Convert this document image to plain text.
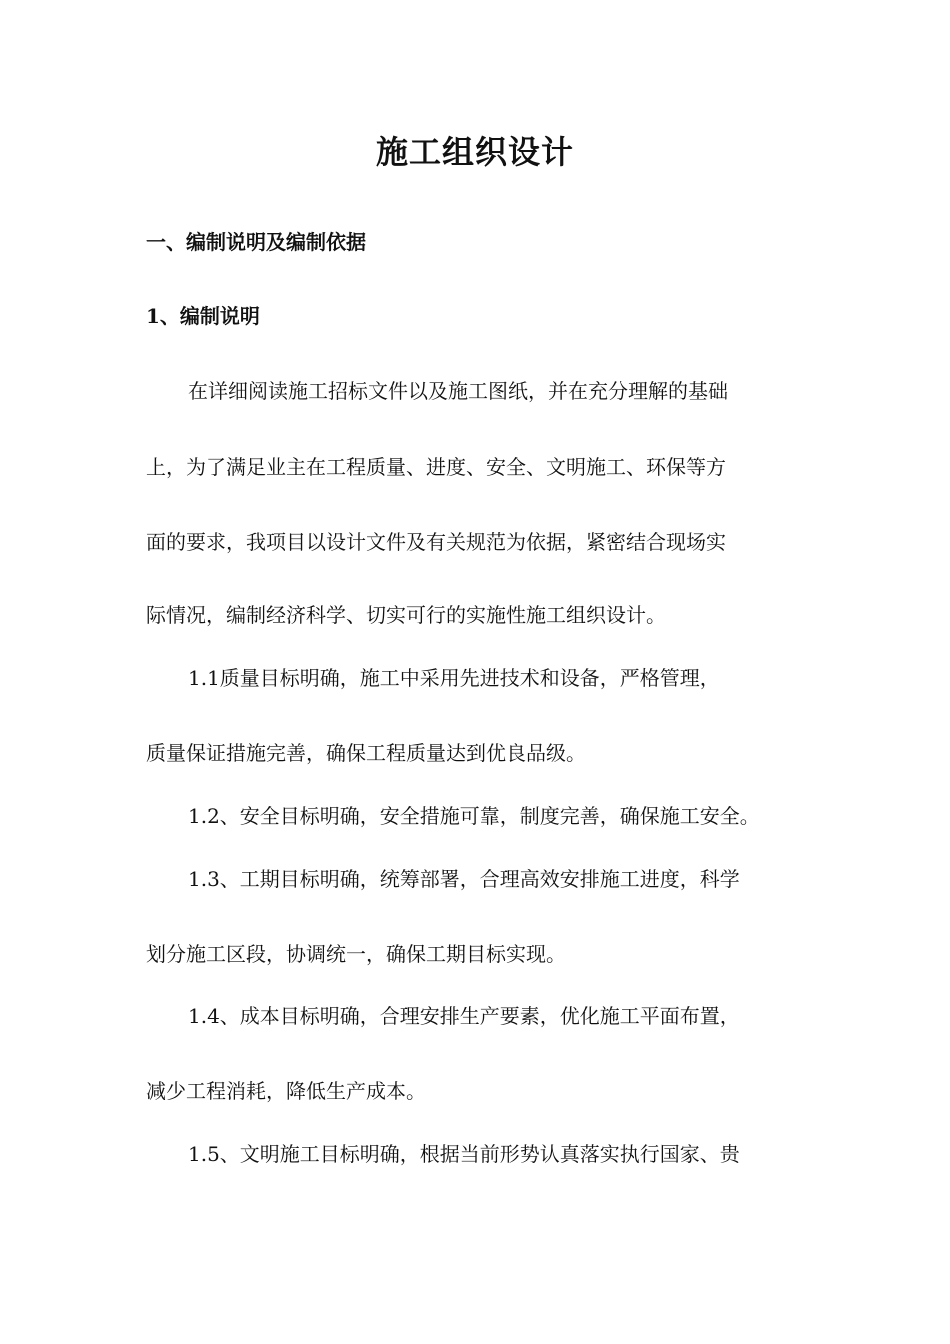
施工组织设计
一、编制说明及编制依据
1、编制说明
在详细阅读施工招标文件以及施工图纸，并在充分理解的基础
上，为了满足业主在工程质量、进度、安全、文明施工、环保等方
面的要求，我项目以设计文件及有关规范为依据，紧密结合现场实
际情况，编制经济科学、切实可行的实施性施工组织设计。
1.1质量目标明确，施工中采用先进技术和设备，严格管理，
质量保证措施完善，确保工程质量达到优良品级。
1.2、安全目标明确，安全措施可靠，制度完善，确保施工安全。
1.3、工期目标明确，统筹部署，合理高效安排施工进度，科学
划分施工区段，协调统一，确保工期目标实现。
1.4、成本目标明确，合理安排生产要素，优化施工平面布置，
减少工程消耗，降低生产成本。
1.5、文明施工目标明确，根据当前形势认真落实执行国家、贵
